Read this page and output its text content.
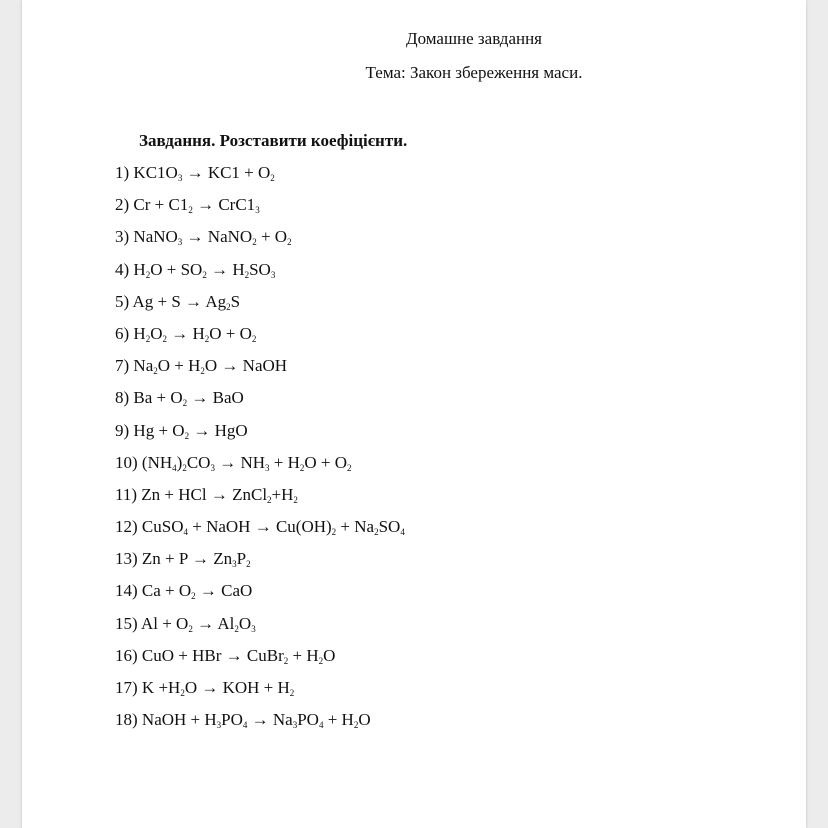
Домашне завдання
Тема: Закон збереження маси.
Завдання. Розставити коефіцієнти.
1) $KC1O_3 \to KC1 + O_2$
2) $Cr + C1_2 \to CrC1_3$
3) NaNO$_3$ → NaNO$_2$ + $O_2$
4) $H_2O + SO_2 \to H_2SO_3$
5) $Ag + S \to Ag_2S$
6) $H_2O_2 \to H_2O + O_2$
7) $Na_2O + H_2O$ → NaOH
8) $Ba + O_2$ → BaO
9) $Hg + O_2$ → HgO
10) $(NH_4)_2CO_3 \to NH_3 + H_2O + O_2$
11) Zn + HCl → $ZnCl_2+H_2$
12) CuSO$_4$ + NaOH → $Cu(OH)_2 + Na_2SO_4$
13) $Zn + P \to Zn_3P_2$
14) $Ca + O_2$ → CaO
15) $Al + O_2 \to Al_2O_3$
16) CuO + HBr → CuBr$_2$ + $H_2O$
17) $K +H_2O$ → KOH + $H_2$
18) NaOH + $H_3PO_4 \to Na_3PO_4 + H_2O$
